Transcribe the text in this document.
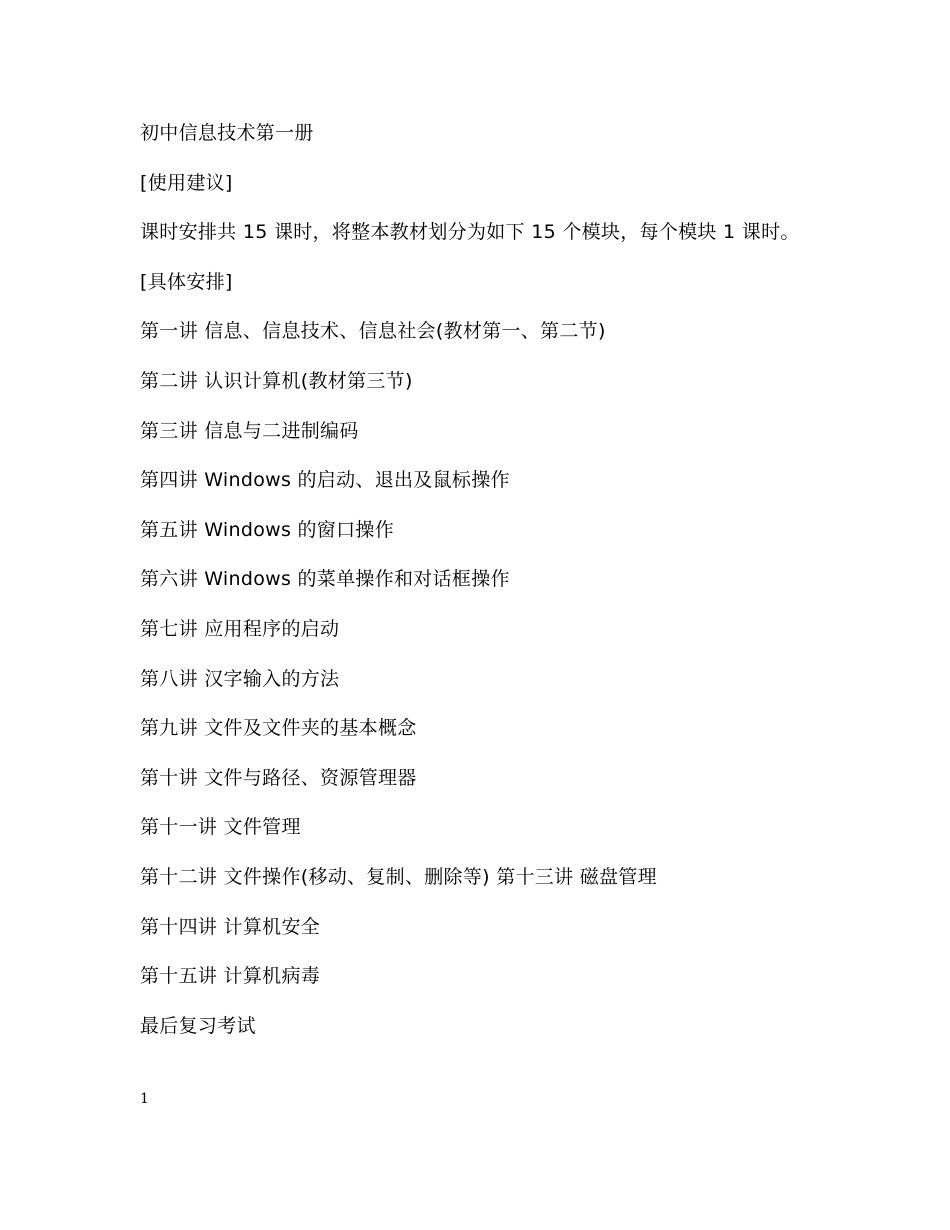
初中信息技术第一册
[使用建议]
课时安排共 15 课时，将整本教材划分为如下 15 个模块，每个模块 1 课时。
[具体安排]
第一讲 信息、信息技术、信息社会(教材第一、第二节)
第二讲 认识计算机(教材第三节)
第三讲 信息与二进制编码
第四讲 Windows 的启动、退出及鼠标操作
第五讲 Windows 的窗口操作
第六讲 Windows 的菜单操作和对话框操作
第七讲 应用程序的启动
第八讲 汉字输入的方法
第九讲 文件及文件夹的基本概念
第十讲 文件与路径、资源管理器
第十一讲 文件管理
第十二讲 文件操作(移动、复制、删除等) 第十三讲 磁盘管理
第十四讲 计算机安全
第十五讲 计算机病毒
最后复习考试
1
